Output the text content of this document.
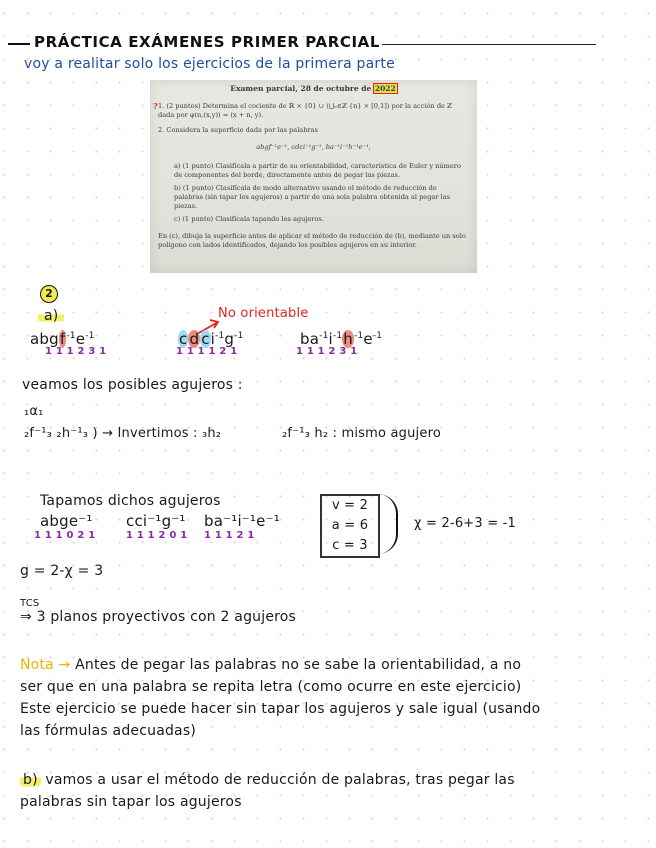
PRÁCTICA EXÁMENES PRIMER PARCIAL
voy a realitar solo los ejercicios de la primera parte
Examen parcial, 28 de octubre de 2022
? 1. (2 puntos) Determina el cociente de ℝ × {0} ∪ (⋃ₙ∈ℤ {n} × [0,1]) por la acción de ℤ dada por φ(n,(x,y)) = (x + n, y).
2. Considera la superficie dada por las palabras
abgf⁻¹e⁻¹, cdci⁻¹g⁻¹, ba⁻¹i⁻¹h⁻¹e⁻¹,
a) (1 punto) Clasifícala a partir de su orientabilidad, característica de Euler y número de componentes del borde, directamente antes de pegar las piezas.
b) (1 punto) Clasifícala de modo alternativo usando el método de reducción de palabras (sin tapar los agujeros) a partir de una sola palabra obtenida al pegar las piezas.
c) (1 punto) Clasifícala tapando los agujeros.
En (c), dibuja la superficie antes de aplicar el método de reducción de (b), mediante un solo polígono con lados identificados, dejando los posibles agujeros en su interior.
2
a)	No orientable
$abgf^{-1}e^{-1}$
1 1 1 2 3 1
c d $ci^{-1}g^{-1}$
1 1 1 1 2 1
$ba^{-1}i^{-1}h^{-1}e^{-1}$
1 1 1 2 3 1
veamos los posibles agujeros :
₁α₁
₂f⁻¹₃ ₂h⁻¹₃ ) → Invertimos : ₃h₂	₂f⁻¹₃ h₂ : mismo agujero
Tapamos dichos agujeros
abge⁻¹
1 1 1 0 2 1
cci⁻¹g⁻¹
1 1 1 2 0 1
ba⁻¹i⁻¹e⁻¹
1 1 1 2 1
v = 2
a = 6
c = 3
χ = 2-6+3 = -1
g = 2-χ = 3
TCS
⇒ 3 planos proyectivos con 2 agujeros
Nota → Antes de pegar las palabras no se sabe la orientabilidad, a no
ser que en una palabra se repita letra (como ocurre en este ejercicio)
Este ejercicio se puede hacer sin tapar los agujeros y sale igual (usando
las fórmulas adecuadas)
b) vamos a usar el método de reducción de palabras, tras pegar las
palabras sin tapar los agujeros
